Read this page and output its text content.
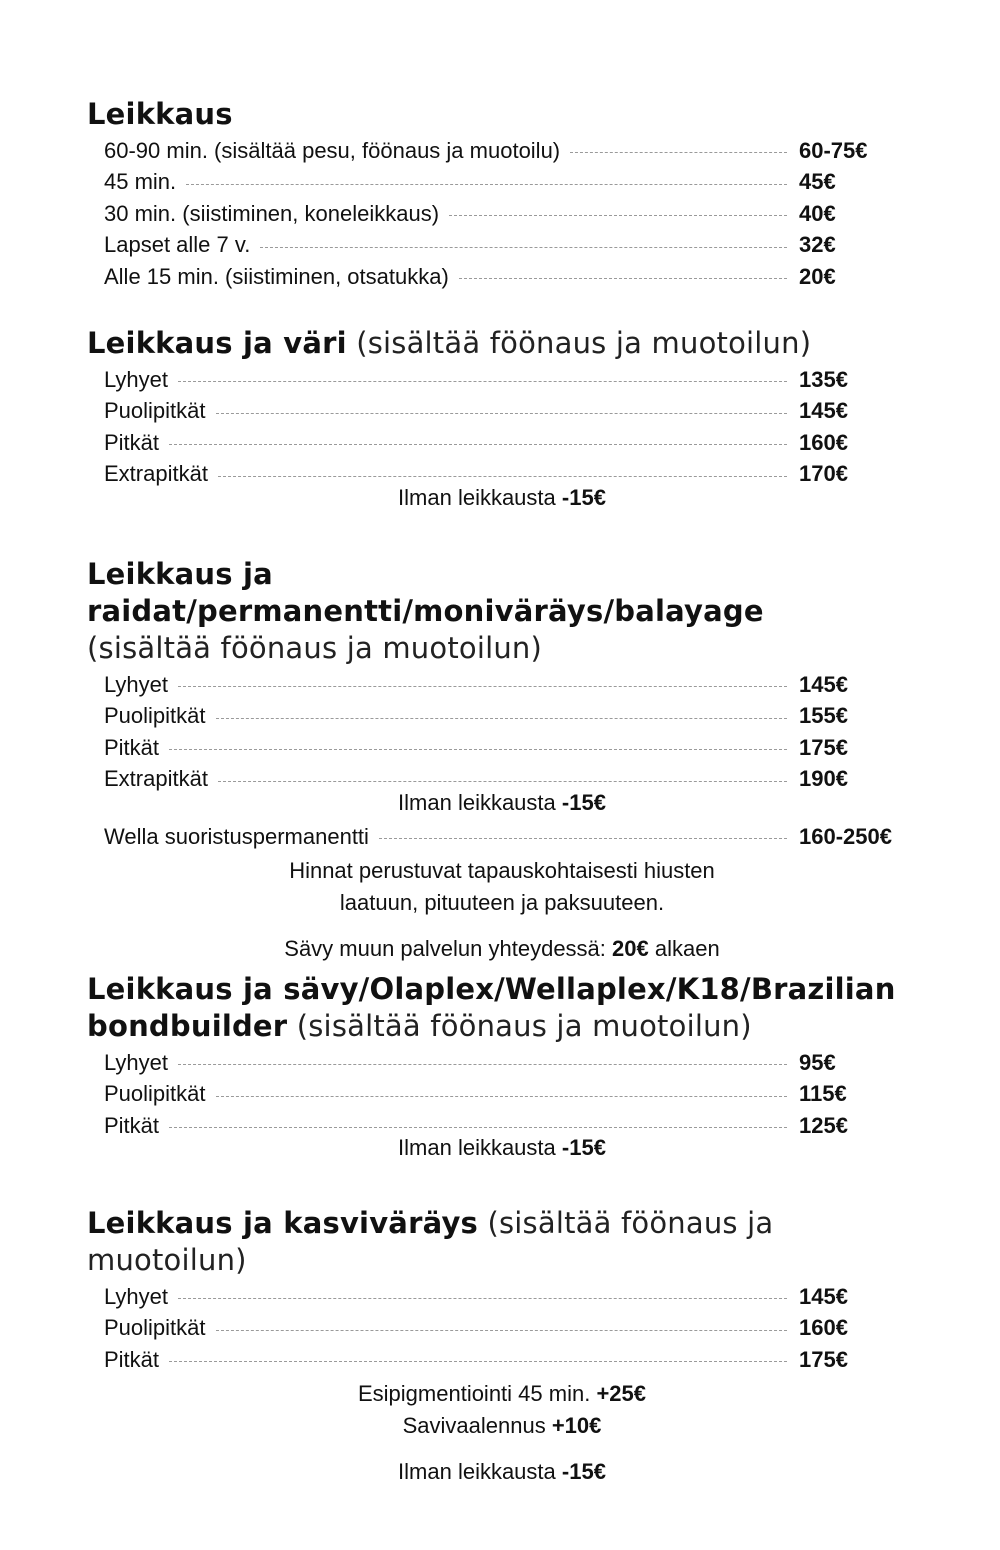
Leikkaus
60-90 min. (sisältää pesu, föönaus ja muotoilu)	60-75€
45 min.	45€
30 min. (siistiminen, koneleikkaus)	40€
Lapset alle 7 v.	32€
Alle 15 min. (siistiminen, otsatukka)	20€
Leikkaus ja väri (sisältää föönaus ja muotoilun)
Lyhyet	135€
Puolipitkät	145€
Pitkät	160€
Extrapitkät	170€
Ilman leikkausta -15€
Leikkaus ja raidat/permanentti/moniväräys/balayage
(sisältää föönaus ja muotoilun)
Lyhyet	145€
Puolipitkät	155€
Pitkät	175€
Extrapitkät	190€
Ilman leikkausta -15€
Wella suoristuspermanentti	160-250€
Hinnat perustuvat tapauskohtaisesti hiusten
laatuun, pituuteen ja paksuuteen.
Sävy muun palvelun yhteydessä: 20€ alkaen
Leikkaus ja sävy/Olaplex/Wellaplex/K18/Brazilian
bondbuilder (sisältää föönaus ja muotoilun)
Lyhyet	95€
Puolipitkät	115€
Pitkät	125€
Ilman leikkausta -15€
Leikkaus ja kasviväräys (sisältää föönaus ja muotoilun)
Lyhyet	145€
Puolipitkät	160€
Pitkät	175€
Esipigmentiointi 45 min. +25€
Savivaalennus +10€
Ilman leikkausta -15€
